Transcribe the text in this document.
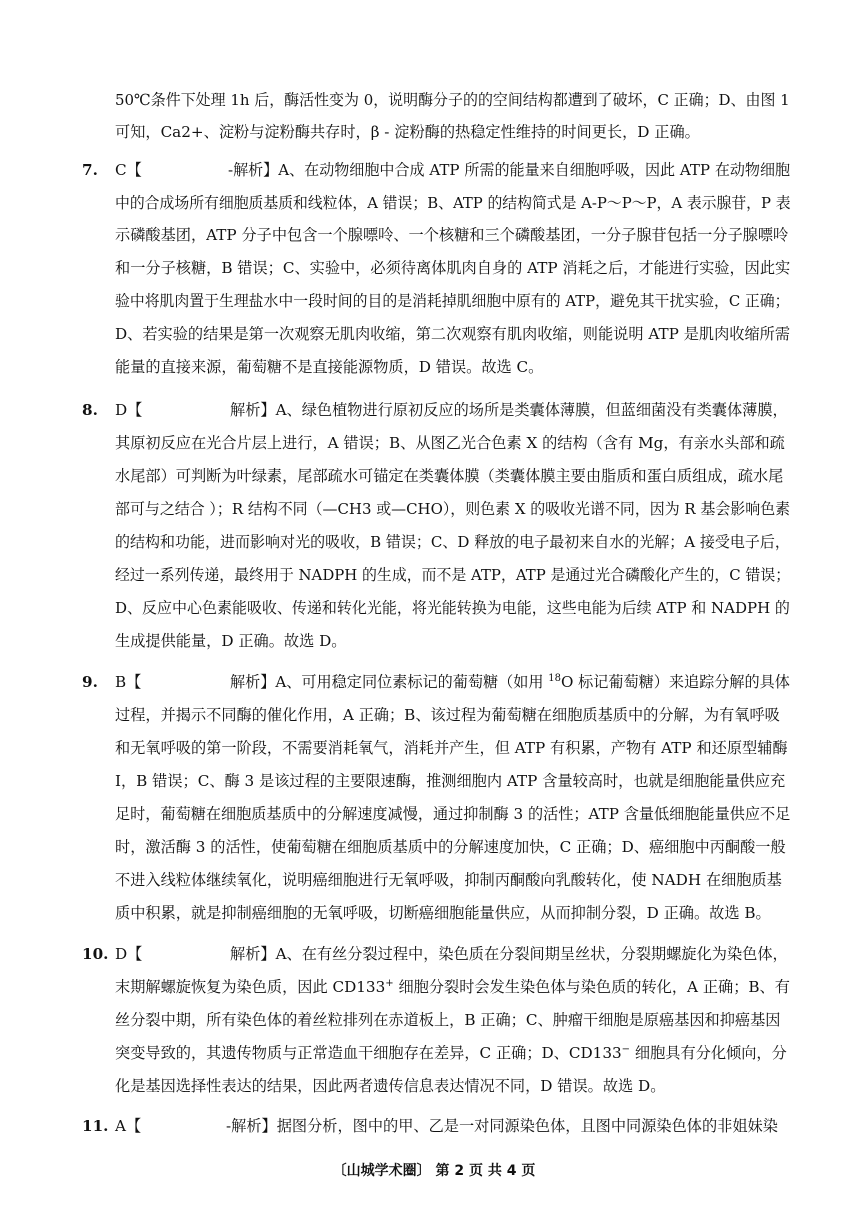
50℃条件下处理 1h 后，酶活性变为 0，说明酶分子的的空间结构都遭到了破坏，C 正确；D、由图 1
可知，Ca2+、淀粉与淀粉酶共存时，β - 淀粉酶的热稳定性维持的时间更长，D 正确。
7. C【	-解析】A、在动物细胞中合成 ATP 所需的能量来自细胞呼吸，因此 ATP 在动物细胞
中的合成场所有细胞质基质和线粒体，A 错误；B、ATP 的结构简式是 A-P～P～P，A 表示腺苷，P 表
示磷酸基团，ATP 分子中包含一个腺嘌呤、一个核糖和三个磷酸基团，一分子腺苷包括一分子腺嘌呤
和一分子核糖，B 错误；C、实验中，必须待离体肌肉自身的 ATP 消耗之后，才能进行实验，因此实
验中将肌肉置于生理盐水中一段时间的目的是消耗掉肌细胞中原有的 ATP，避免其干扰实验，C 正确；
D、若实验的结果是第一次观察无肌肉收缩，第二次观察有肌肉收缩，则能说明 ATP 是肌肉收缩所需
能量的直接来源，葡萄糖不是直接能源物质，D 错误。故选 C。
8. D【	解析】A、绿色植物进行原初反应的场所是类囊体薄膜，但蓝细菌没有类囊体薄膜，
其原初反应在光合片层上进行，A 错误；B、从图乙光合色素 X 的结构（含有 Mg，有亲水头部和疏
水尾部）可判断为叶绿素，尾部疏水可锚定在类囊体膜（类囊体膜主要由脂质和蛋白质组成，疏水尾
部可与之结合 ）；R 结构不同（—CH3 或—CHO），则色素 X 的吸收光谱不同，因为 R 基会影响色素
的结构和功能，进而影响对光的吸收，B 错误；C、D 释放的电子最初来自水的光解；A 接受电子后，
经过一系列传递，最终用于 NADPH 的生成，而不是 ATP，ATP 是通过光合磷酸化产生的，C 错误；
D、反应中心色素能吸收、传递和转化光能，将光能转换为电能，这些电能为后续 ATP 和 NADPH 的
生成提供能量，D 正确。故选 D。
9. B【	解析】A、可用稳定同位素标记的葡萄糖（如用 $^{18}$O 标记葡萄糖）来追踪分解的具体
过程，并揭示不同酶的催化作用，A 正确；B、该过程为葡萄糖在细胞质基质中的分解，为有氧呼吸
和无氧呼吸的第一阶段，不需要消耗氧气，消耗并产生，但 ATP 有积累，产物有 ATP 和还原型辅酶
I，B 错误；C、酶 3 是该过程的主要限速酶，推测细胞内 ATP 含量较高时，也就是细胞能量供应充
足时，葡萄糖在细胞质基质中的分解速度减慢，通过抑制酶 3 的活性；ATP 含量低细胞能量供应不足
时，激活酶 3 的活性，使葡萄糖在细胞质基质中的分解速度加快，C 正确；D、癌细胞中丙酮酸一般
不进入线粒体继续氧化，说明癌细胞进行无氧呼吸，抑制丙酮酸向乳酸转化，使 NADH 在细胞质基
质中积累，就是抑制癌细胞的无氧呼吸，切断癌细胞能量供应，从而抑制分裂，D 正确。故选 B。
10. D【	解析】A、在有丝分裂过程中，染色质在分裂间期呈丝状，分裂期螺旋化为染色体，
末期解螺旋恢复为染色质，因此 CD133+ 细胞分裂时会发生染色体与染色质的转化，A 正确；B、有
丝分裂中期，所有染色体的着丝粒排列在赤道板上，B 正确；C、肿瘤干细胞是原癌基因和抑癌基因
突变导致的，其遗传物质与正常造血干细胞存在差异，C 正确；D、CD133− 细胞具有分化倾向，分
化是基因选择性表达的结果，因此两者遗传信息表达情况不同，D 错误。故选 D。
11. A【	-解析】据图分析，图中的甲、乙是一对同源染色体，且图中同源染色体的非姐妹染
〔山城学术圈〕 第 2 页 共 4 页
